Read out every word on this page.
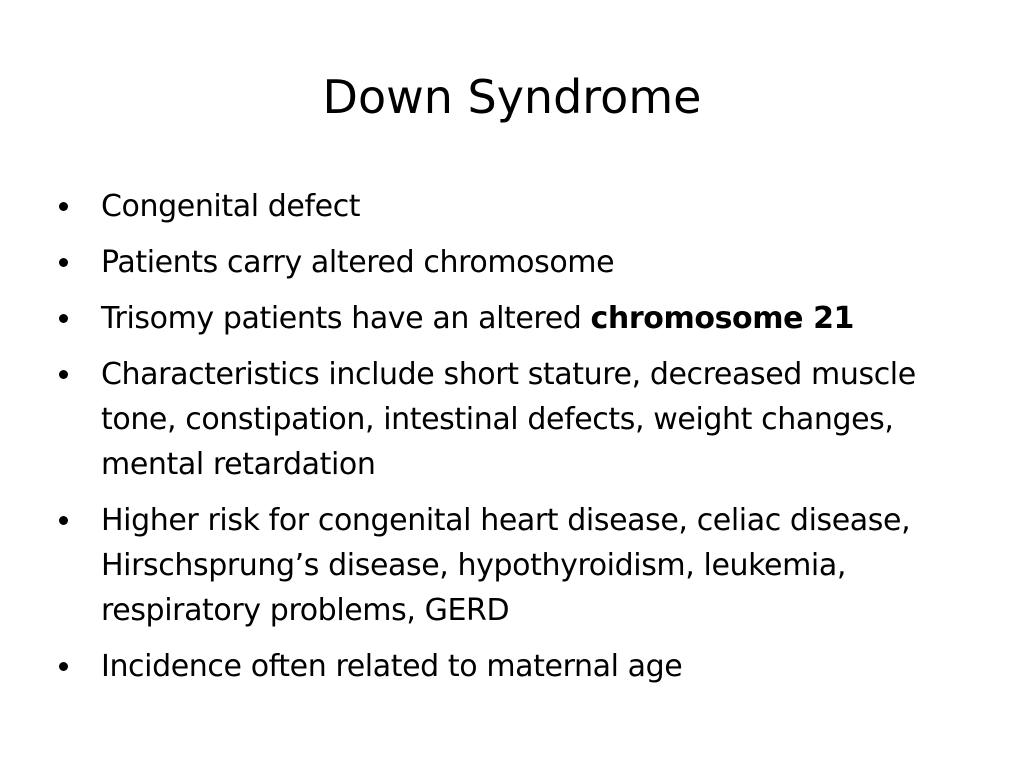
Down Syndrome
Congenital defect
Patients carry altered chromosome
Trisomy patients have an altered chromosome 21
Characteristics include short stature, decreased muscle tone, constipation, intestinal defects, weight changes, mental retardation
Higher risk for congenital heart disease, celiac disease, Hirschsprung’s disease, hypothyroidism, leukemia, respiratory problems, GERD
Incidence often related to maternal age
